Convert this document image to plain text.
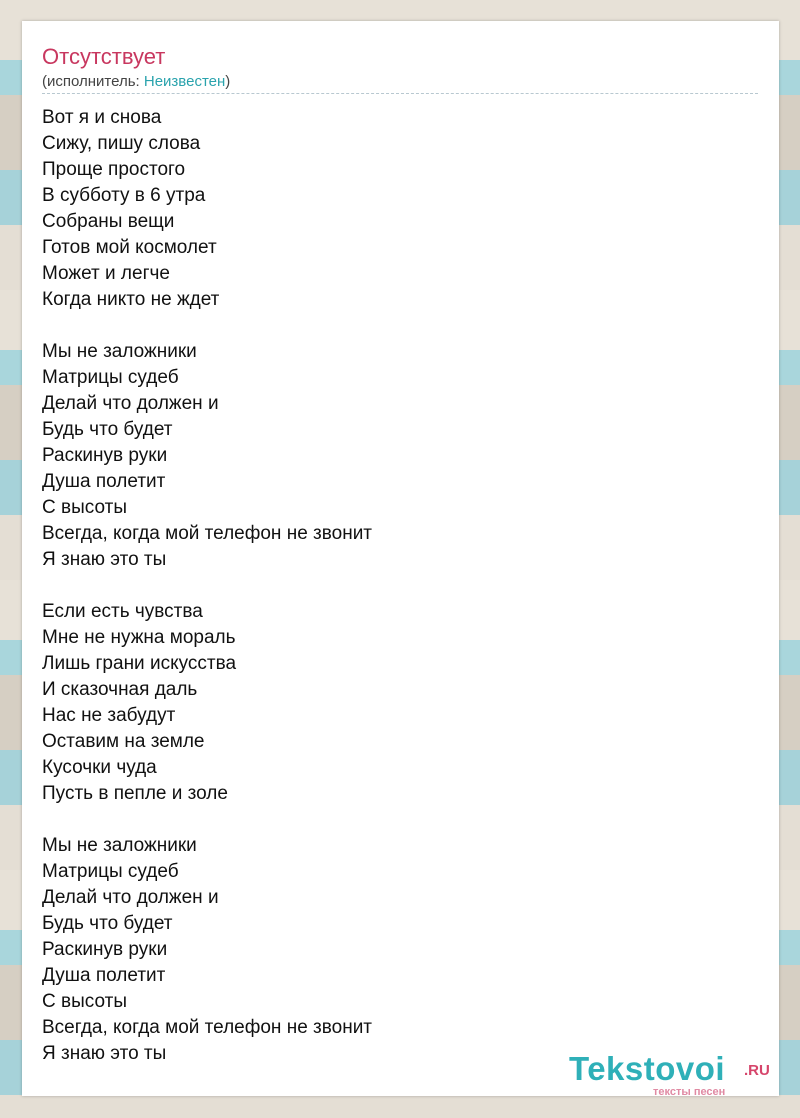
Отсутствует
(исполнитель: Неизвестен)
Вот я и снова
Сижу, пишу слова
Проще простого
В субботу в 6 утра
Собраны вещи
Готов мой космолет
Может и легче
Когда никто не ждет
Мы не заложники
Матрицы судеб
Делай что должен и
Будь что будет
Раскинув руки
Душа полетит
С высоты
Всегда, когда мой телефон не звонит
Я знаю это ты
Если есть чувства
Мне не нужна мораль
Лишь грани искусства
И сказочная даль
Нас не забудут
Оставим на земле
Кусочки чуда
Пусть в пепле и золе
Мы не заложники
Матрицы судеб
Делай что должен и
Будь что будет
Раскинув руки
Душа полетит
С высоты
Всегда, когда мой телефон не звонит
Я знаю это ты	Tekstovoi .RU
тексты песен
